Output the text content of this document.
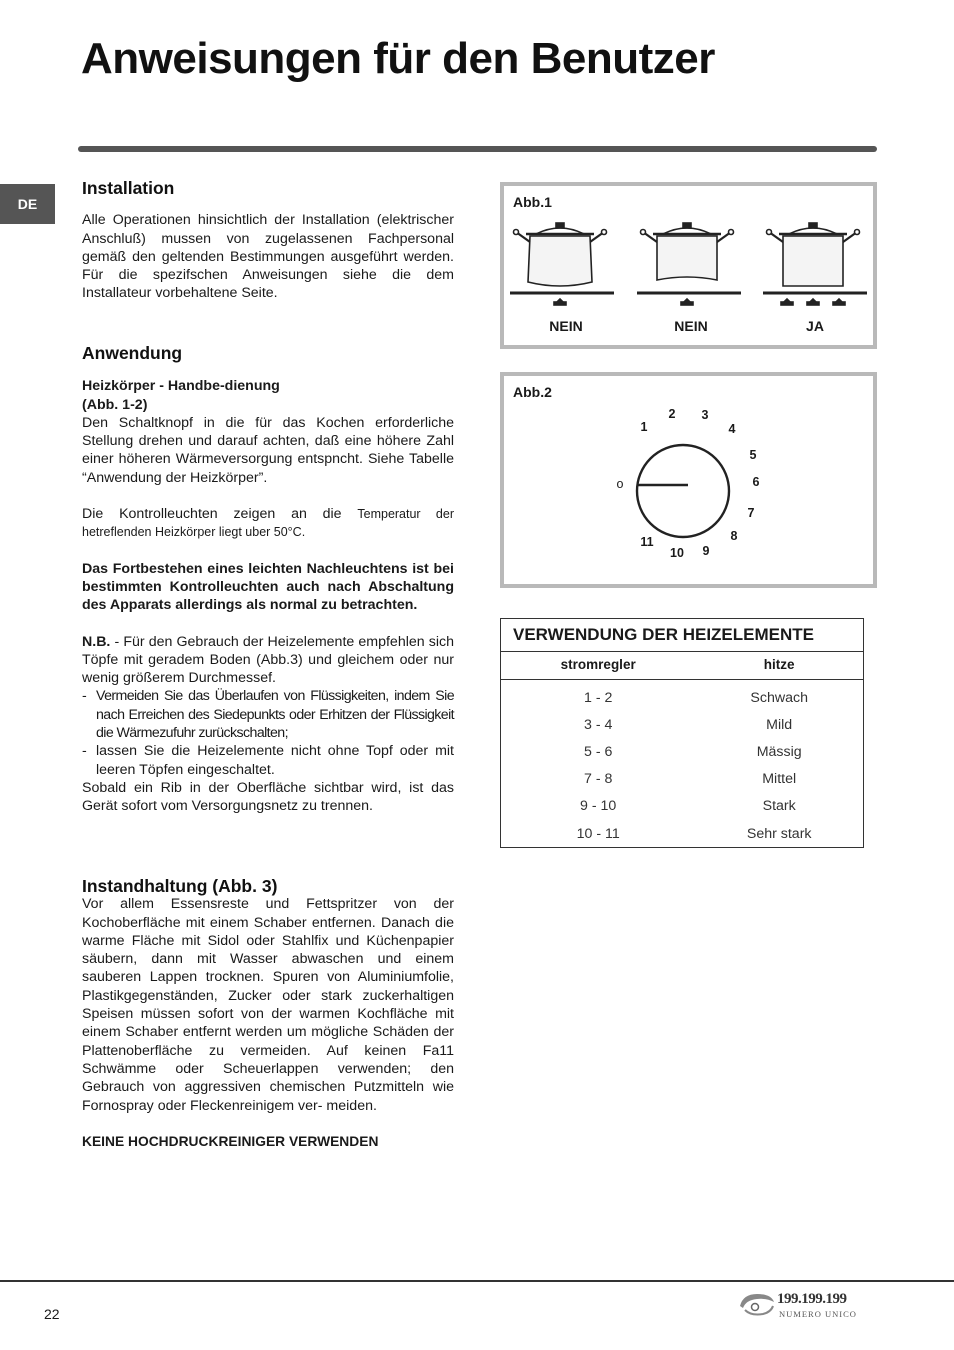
Anweisungen für den Benutzer
DE
Installation

Alle Operationen hinsichtlich der Installation (elektrischer Anschluß) mussen von zugelassenen Fachpersonal gemäß den geltenden Bestimmungen ausgeführt werden. Für die spezifschen Anweisungen siehe die dem Installateur vorbehaltene Seite.

Anwendung
Heizkörper - Handbe-dienung
(Abb. 1-2)

Den Schaltknopf in die für das Kochen erforderliche Stellung drehen und darauf achten, daß eine höhere Zahl einer höheren Wärmeversorgung entspncht. Siehe Tabelle “Anwendung der Heizkörper”.

Die Kontrolleuchten zeigen an die Temperatur der hetreflenden Heizkörper liegt uber 50°C.

Das Fortbestehen eines leichten Nachleuchtens ist bei bestimmten Kontrolleuchten auch nach Abschaltung des Apparats allerdings als normal zu betrachten.

N.B. - Für den Gebrauch der Heizelemente empfehlen sich Töpfe mit geradem Boden (Abb.3) und gleichem oder nur wenig größerem Durchmessef.

- Vermeiden Sie das Überlaufen von Flüssigkeiten, indem Sie nach Erreichen des Siedepunkts oder Erhitzen der Flüssigkeit die Wärmezufuhr zurückschalten;
- lassen Sie die Heizelemente nicht ohne Topf oder mit leeren Töpfen eingeschaltet.

Sobald ein Rib in der Oberfläche sichtbar wird, ist das Gerät sofort vom Versorgungsnetz zu trennen.

Instandhaltung (Abb. 3)

Vor allem Essensreste und Fettspritzer von der Kochoberfläche mit einem Schaber entfernen. Danach die warme Fläche mit Sidol oder Stahlfix und Küchenpapier säubern, dann mit Wasser abwaschen und einem sauberen Lappen trocknen. Spuren von Aluminiumfolie, Plastikgegenständen, Zucker oder stark zuckerhaltigen Speisen müssen sofort von der warmen Kochfläche mit einem Schaber entfernt werden um mögliche Schäden der Plattenoberfläche zu vermeiden. Auf keinen Fa11 Schwämme oder Scheuerlappen verwenden; den Gebrauch von aggressiven chemischen Putzmitteln wie Fornospray oder Fleckenreinigem ver- meiden.

KEINE HOCHDRUCKREINIGER VERWENDEN
Abb.1
NEIN	NEIN	JA
Abb.2
o
1
2 3
4
5
6
7
8
9
10
11
VERWENDUNG DER HEIZELEMENTE	
stromregler	hitze
1 - 2	Schwach
3 - 4	Mild
5 - 6	Mässig
7 - 8	Mittel
9 - 10	Stark
10 - 11	Sehr stark
22
199.199.199
NUMERO UNICO
